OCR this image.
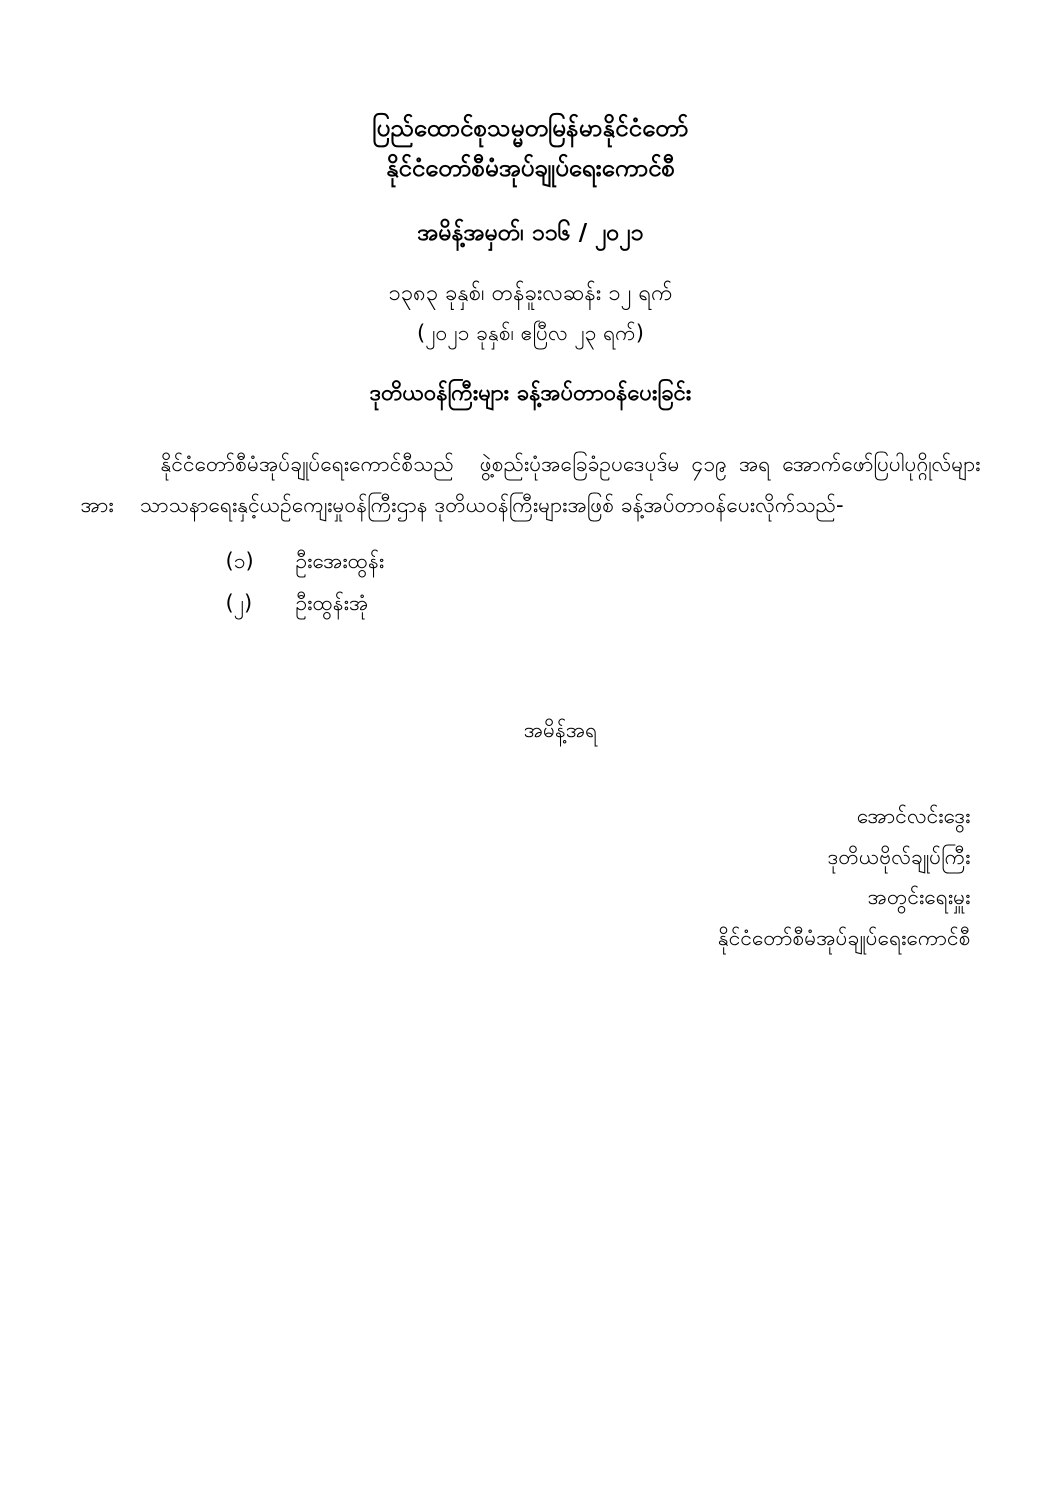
ပြည်ထောင်စုသမ္မတမြန်မာနိုင်ငံတော်
နိုင်ငံတော်စီမံအုပ်ချုပ်ရေးကောင်စီ
အမိန့်အမှတ်၊ ၁၁၆ / ၂၀၂၁
၁၃၈၃ ခုနှစ်၊ တန်ခူးလဆန်း ၁၂ ရက်
(၂၀၂၁ ခုနှစ်၊ ဧပြီလ ၂၃ ရက်)
ဒုတိယဝန်ကြီးများ ခန့်အပ်တာဝန်ပေးခြင်း
နိုင်ငံတော်စီမံအုပ်ချုပ်ရေးကောင်စီသည် ဖွဲ့စည်းပုံအခြေခံဥပဒေပုဒ်မ ၄၁၉ အရ အောက်ဖော်ပြပါပုဂ္ဂိုလ်များအား သာသနာရေးနှင့်ယဉ်ကျေးမှုဝန်ကြီးဌာန ဒုတိယဝန်ကြီးများအဖြစ် ခန့်အပ်တာဝန်ပေးလိုက်သည်-
(၁)	ဦးအေးထွန်း
(၂)	ဦးထွန်းအုံ
အမိန့်အရ
အောင်လင်းဒွေး
ဒုတိယဗိုလ်ချုပ်ကြီး
အတွင်းရေးမှူး
နိုင်ငံတော်စီမံအုပ်ချုပ်ရေးကောင်စီ
